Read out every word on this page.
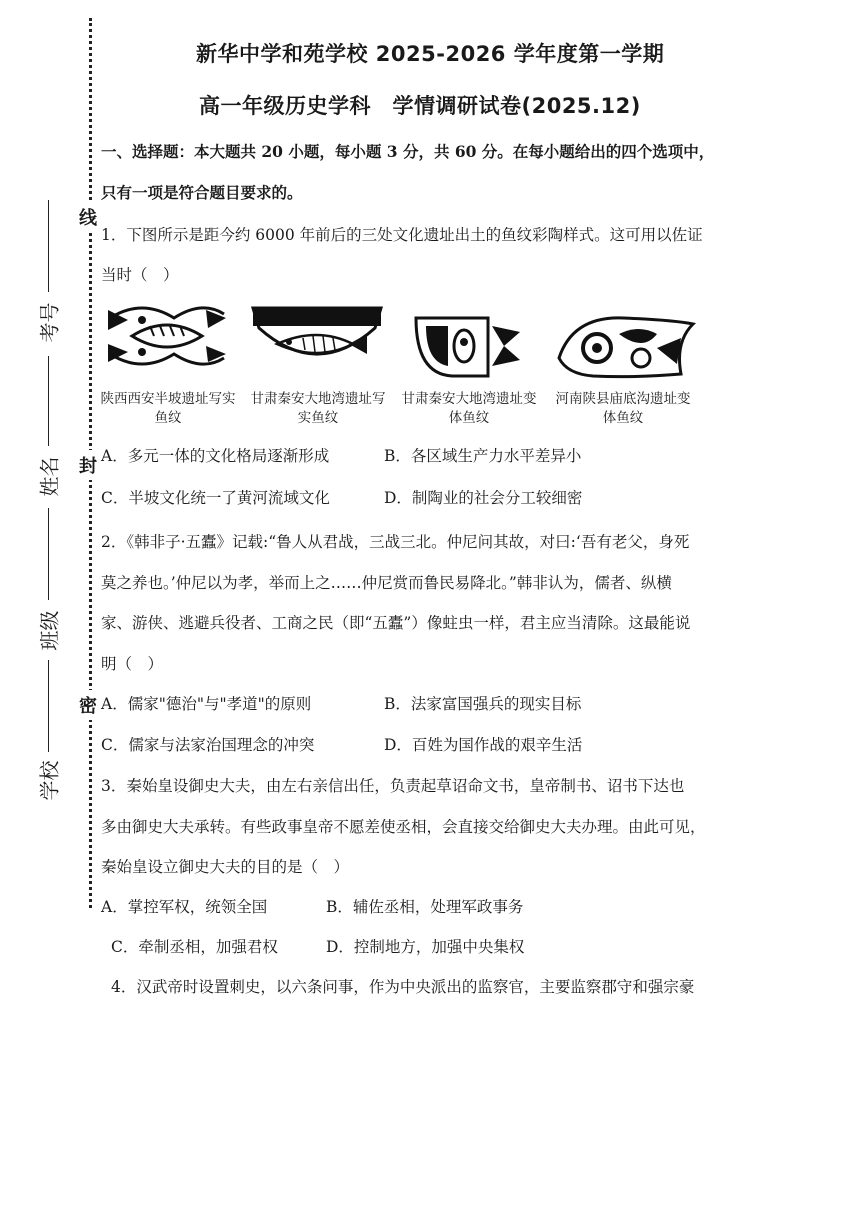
线
封
密
考号
姓名
班级
学校
新华中学和苑学校 2025-2026 学年度第一学期
高一年级历史学科　学情调研试卷(2025.12)
一、选择题：本大题共 20 小题，每小题 3 分，共 60 分。在每小题给出的四个选项中，
只有一项是符合题目要求的。
1．下图所示是距今约 6000 年前后的三处文化遗址出土的鱼纹彩陶样式。这可用以佐证
当时（　）
陕西西安半坡遗址写实鱼纹
甘肃秦安大地湾遗址写实鱼纹
甘肃秦安大地湾遗址变体鱼纹
河南陕县庙底沟遗址变体鱼纹
A．多元一体的文化格局逐渐形成	B．各区域生产力水平差异小
C．半坡文化统一了黄河流域文化	D．制陶业的社会分工较细密
2．《韩非子·五蠹》记载:“鲁人从君战，三战三北。仲尼问其故，对曰:‘吾有老父，身死
莫之养也。’仲尼以为孝，举而上之……仲尼赏而鲁民易降北。”韩非认为，儒者、纵横
家、游侠、逃避兵役者、工商之民（即“五蠹”）像蛀虫一样，君主应当清除。这最能说
明（　）
A．儒家"德治"与"孝道"的原则	B．法家富国强兵的现实目标
C．儒家与法家治国理念的冲突	D．百姓为国作战的艰辛生活
3．秦始皇设御史大夫，由左右亲信出任，负责起草诏命文书，皇帝制书、诏书下达也
多由御史大夫承转。有些政事皇帝不愿差使丞相，会直接交给御史大夫办理。由此可见，
秦始皇设立御史大夫的目的是（　）
A．掌控军权，统领全国	B．辅佐丞相，处理军政事务
C．牵制丞相，加强君权	D．控制地方，加强中央集权
4．汉武帝时设置刺史，以六条问事，作为中央派出的监察官，主要监察郡守和强宗豪
